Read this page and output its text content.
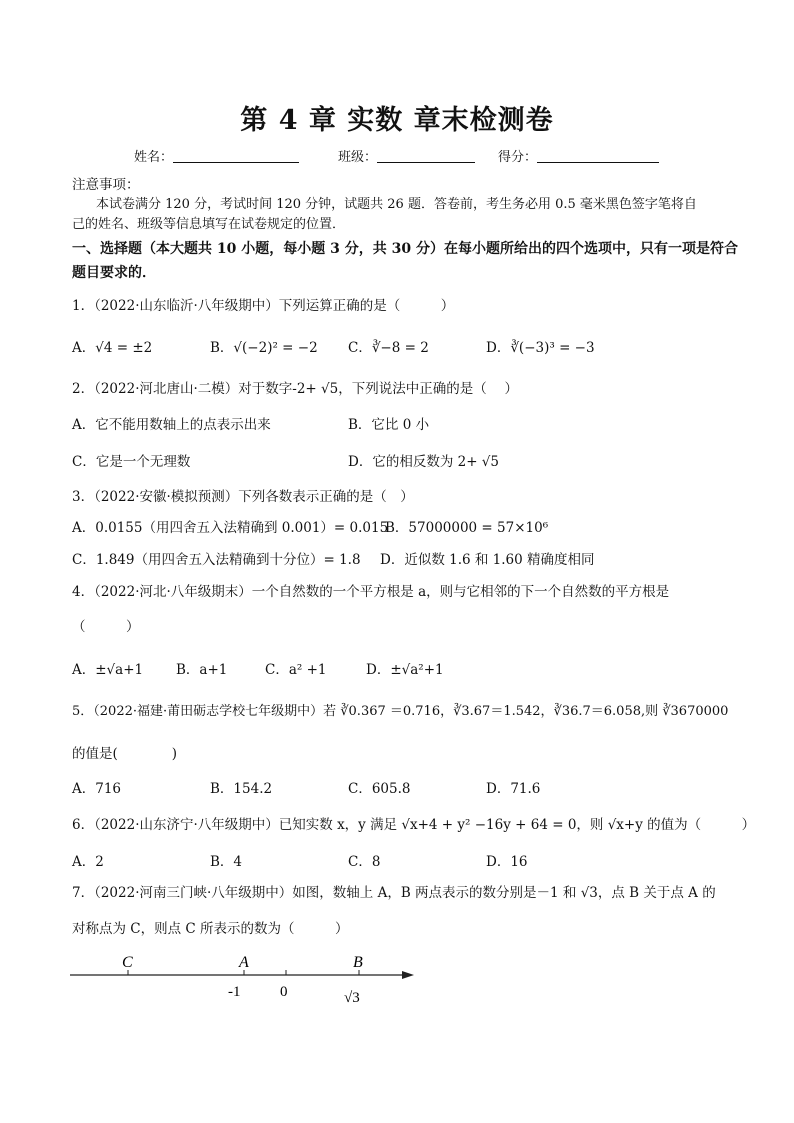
第 4 章 实数 章末检测卷
姓名：	班级：	得分：
注意事项：
本试卷满分 120 分，考试时间 120 分钟，试题共 26 题．答卷前，考生务必用 0.5 毫米黑色签字笔将自
己的姓名、班级等信息填写在试卷规定的位置．
一、选择题（本大题共 10 小题，每小题 3 分，共 30 分）在每小题所给出的四个选项中，只有一项是符合
题目要求的．
1．（2022·山东临沂·八年级期中）下列运算正确的是（　　　）
A．√4 = ±2	B．√(−2)² = −2 C．∛−8 = 2	D．∛(−3)³ = −3
2．（2022·河北唐山·二模）对于数字-2+ √5，下列说法中正确的是（　 ）
A．它不能用数轴上的点表示出来	B．它比 0 小
C．它是一个无理数	D．它的相反数为 2+ √5
3．（2022·安徽·模拟预测）下列各数表示正确的是（　）
A．0.0155（用四舍五入法精确到 0.001）= 0.015
B．57000000 = 57×10⁶
C．1.849（用四舍五入法精确到十分位）= 1.8 D．近似数 1.6 和 1.60 精确度相同
4．（2022·河北·八年级期末）一个自然数的一个平方根是 a，则与它相邻的下一个自然数的平方根是
（　　　）
A．±√a+1 B．a+1	C．a² +1	D．±√a²+1
5．（2022·福建·莆田砺志学校七年级期中）若 ∛0.367 ＝0.716，∛3.67＝1.542，∛36.7＝6.058,则 ∛3670000
的值是(　　　　)
A．716	B．154.2	C．605.8	D．71.6
6．（2022·山东济宁·八年级期中）已知实数 x，y 满足 √x+4 + y² −16y + 64 = 0，则 √x+y 的值为（　　　）
A．2	B．4	C．8	D．16
7．（2022·河南三门峡·八年级期中）如图，数轴上 A，B 两点表示的数分别是－1 和 √3，点 B 关于点 A 的
对称点为 C，则点 C 所表示的数为（　　　）
C	A	B
-1	0	√3
